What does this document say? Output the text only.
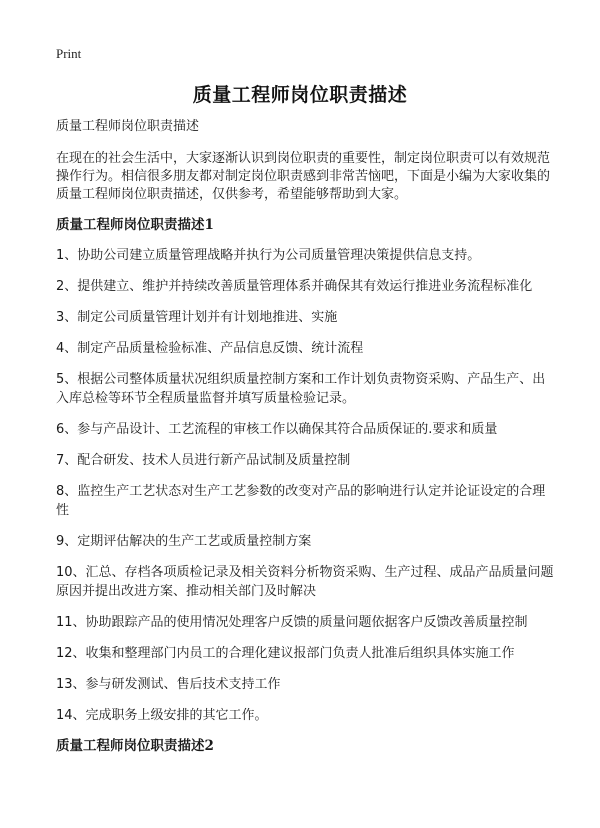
Print
质量工程师岗位职责描述

质量工程师岗位职责描述

在现在的社会生活中，大家逐渐认识到岗位职责的重要性，制定岗位职责可以有效规范操作行为。相信很多朋友都对制定岗位职责感到非常苦恼吧，下面是小编为大家收集的质量工程师岗位职责描述，仅供参考，希望能够帮助到大家。

质量工程师岗位职责描述1
1、协助公司建立质量管理战略并执行为公司质量管理决策提供信息支持。
2、提供建立、维护并持续改善质量管理体系并确保其有效运行推进业务流程标准化
3、制定公司质量管理计划并有计划地推进、实施
4、制定产品质量检验标准、产品信息反馈、统计流程
5、根据公司整体质量状况组织质量控制方案和工作计划负责物资采购、产品生产、出入库总检等环节全程质量监督并填写质量检验记录。
6、参与产品设计、工艺流程的审核工作以确保其符合品质保证的.要求和质量
7、配合研发、技术人员进行新产品试制及质量控制
8、监控生产工艺状态对生产工艺参数的改变对产品的影响进行认定并论证设定的合理性
9、定期评估解决的生产工艺或质量控制方案
10、汇总、存档各项质检记录及相关资料分析物资采购、生产过程、成品产品质量问题原因并提出改进方案、推动相关部门及时解决
11、协助跟踪产品的使用情况处理客户反馈的质量问题依据客户反馈改善质量控制
12、收集和整理部门内员工的合理化建议报部门负责人批准后组织具体实施工作
13、参与研发测试、售后技术支持工作
14、完成职务上级安排的其它工作。
质量工程师岗位职责描述2
